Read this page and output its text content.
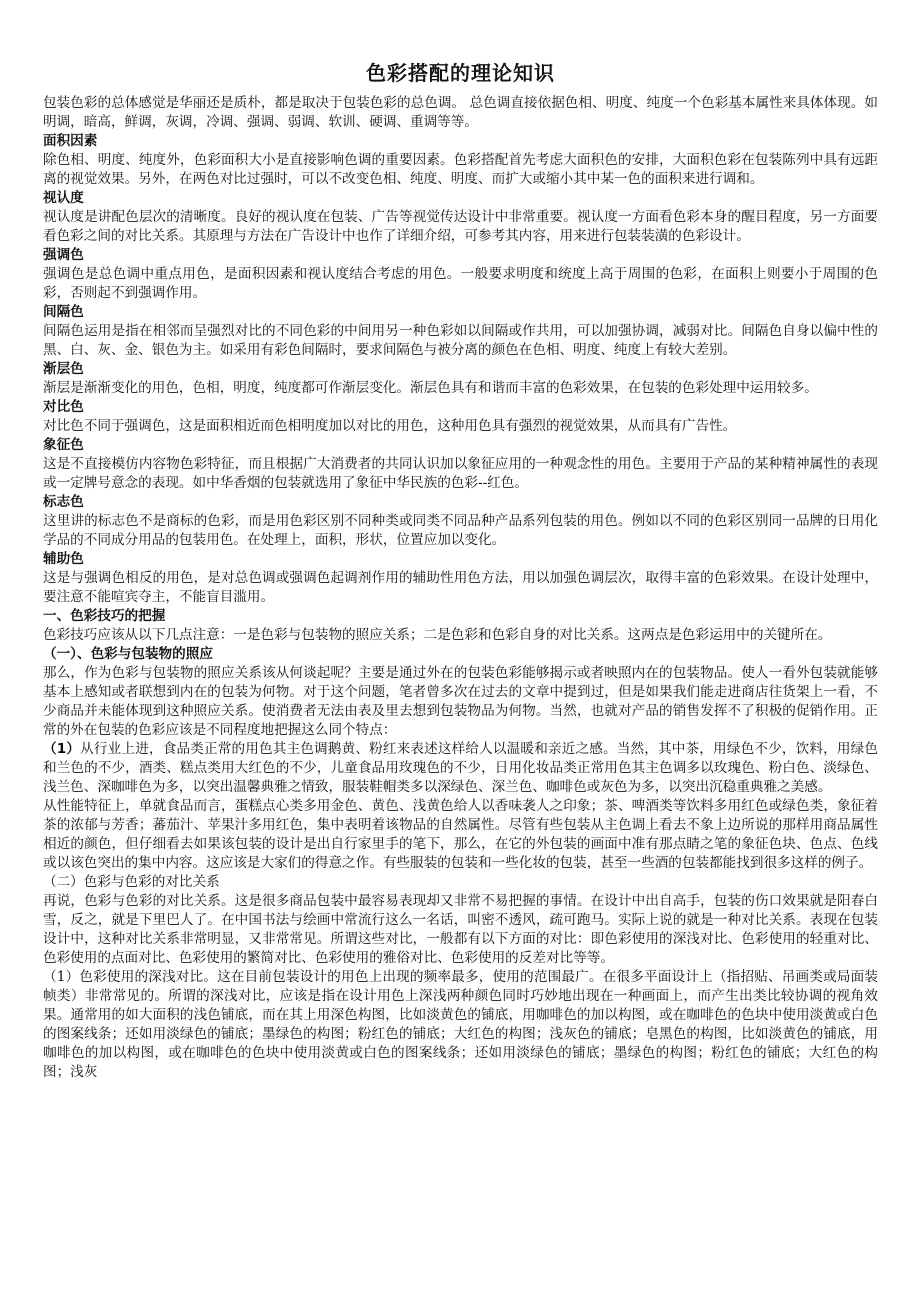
色彩搭配的理论知识

包装色彩的总体感觉是华丽还是质朴，都是取决于包装色彩的总色调。 总色调直接依据色相、明度、纯度一个色彩基本属性来具体体现。如明调，暗高，鲜调，灰调，冷调、强调、弱调、软训、硬调、重调等等。

面积因素

除色相、明度、纯度外，色彩面积大小是直接影响色调的重要因素。色彩搭配首先考虑大面积色的安排，大面积色彩在包装陈列中具有远距离的视觉效果。另外，在两色对比过强时，可以不改变色相、纯度、明度、而扩大或缩小其中某一色的面积来进行调和。

视认度

视认度是讲配色层次的清晰度。良好的视认度在包装、广告等视觉传达设计中非常重要。视认度一方面看色彩本身的醒目程度，另一方面要看色彩之间的对比关系。其原理与方法在广告设计中也作了详细介绍，可参考其内容，用来进行包装装潢的色彩设计。

强调色

强调色是总色调中重点用色，是面积因素和视认度结合考虑的用色。一般要求明度和统度上高于周围的色彩，在面积上则要小于周围的色彩，否则起不到强调作用。

间隔色

间隔色运用是指在相邻而呈强烈对比的不同色彩的中间用另一种色彩如以间隔或作共用，可以加强协调，减弱对比。间隔色自身以偏中性的黑、白、灰、金、银色为主。如采用有彩色间隔时，要求间隔色与被分离的颜色在色相、明度、纯度上有较大差别。

渐层色

渐层是渐渐变化的用色，色相，明度，纯度都可作渐层变化。渐层色具有和谐而丰富的色彩效果，在包装的色彩处理中运用较多。

对比色

对比色不同于强调色，这是面积相近而色相明度加以对比的用色，这种用色具有强烈的视觉效果，从而具有广告性。

象征色

这是不直接模仿内容物色彩特征，而且根据广大消费者的共同认识加以象征应用的一种观念性的用色。主要用于产品的某种精神属性的表现或一定牌号意念的表现。如中华香烟的包装就选用了象征中华民族的色彩--红色。

标志色

这里讲的标志色不是商标的色彩，而是用色彩区别不同种类或同类不同品种产品系列包装的用色。例如以不同的色彩区别同一品牌的日用化学品的不同成分用品的包装用色。在处理上，面积，形状，位置应加以变化。

辅助色

这是与强调色相反的用色，是对总色调或强调色起调剂作用的辅助性用色方法，用以加强色调层次，取得丰富的色彩效果。在设计处理中，要注意不能喧宾夺主，不能盲目滥用。

一、色彩技巧的把握

色彩技巧应该从以下几点注意：一是色彩与包装物的照应关系；二是色彩和色彩自身的对比关系。这两点是色彩运用中的关键所在。

（一）、色彩与包装物的照应

那么，作为色彩与包装物的照应关系该从何谈起呢？主要是通过外在的包装色彩能够揭示或者映照内在的包装物品。使人一看外包装就能够基本上感知或者联想到内在的包装为何物。对于这个问题，笔者曾多次在过去的文章中提到过，但是如果我们能走进商店往货架上一看，不少商品并未能体现到这种照应关系。使消费者无法由表及里去想到包装物品为何物。当然，也就对产品的销售发挥不了积极的促销作用。正常的外在包装的色彩应该是不同程度地把握这么同个特点：

（1）从行业上进，食品类正常的用色其主色调鹅黄、粉红来表述这样给人以温暖和亲近之感。当然，其中茶，用绿色不少，饮料，用绿色和兰色的不少，酒类、糕点类用大红色的不少，儿童食品用玫瑰色的不少，日用化妆品类正常用色其主色调多以玫瑰色、粉白色、淡绿色、浅兰色、深咖啡色为多，以突出温馨典雅之情致，服装鞋帽类多以深绿色、深兰色、咖啡色或灰色为多，以突出沉稳重典雅之美感。

从性能特征上，单就食品而言，蛋糕点心类多用金色、黄色、浅黄色给人以香味袭人之印象；茶、啤酒类等饮料多用红色或绿色类，象征着茶的浓郁与芳香；蕃茄汁、苹果汁多用红色，集中表明着该物品的自然属性。尽管有些包装从主色调上看去不象上边所说的那样用商品属性相近的颜色，但仔细看去如果该包装的设计是出自行家里手的笔下，那么，在它的外包装的画面中准有那点睛之笔的象征色块、色点、色线或以该色突出的集中内容。这应该是大家们的得意之作。有些服装的包装和一些化妆的包装，甚至一些酒的包装都能找到很多这样的例子。

（二）色彩与色彩的对比关系

再说，色彩与色彩的对比关系。这是很多商品包装中最容易表现却又非常不易把握的事情。在设计中出自高手，包装的伤口效果就是阳春白雪，反之，就是下里巴人了。在中国书法与绘画中常流行这么一名话，叫密不透风，疏可跑马。实际上说的就是一种对比关系。表现在包装设计中，这种对比关系非常明显，又非常常见。所谓这些对比，一般都有以下方面的对比：即色彩使用的深浅对比、色彩使用的轻重对比、色彩使用的点面对比、色彩使用的繁简对比、色彩使用的雅俗对比、色彩使用的反差对比等等。

（1）色彩使用的深浅对比。这在目前包装设计的用色上出现的频率最多，使用的范围最广。在很多平面设计上（指招贴、吊画类或局面装帧类）非常常见的。所谓的深浅对比，应该是指在设计用色上深浅两种颜色同时巧妙地出现在一种画面上，而产生出类比较协调的视角效果。通常用的如大面积的浅色铺底，而在其上用深色构图，比如淡黄色的铺底，用咖啡色的加以构图，或在咖啡色的色块中使用淡黄或白色的图案线条；还如用淡绿色的铺底；墨绿色的构图；粉红色的铺底；大红色的构图；浅灰色的铺底；皂黑色的构图，比如淡黄色的铺底，用咖啡色的加以构图，或在咖啡色的色块中使用淡黄或白色的图案线条；还如用淡绿色的铺底；墨绿色的构图；粉红色的铺底；大红色的构图；浅灰
